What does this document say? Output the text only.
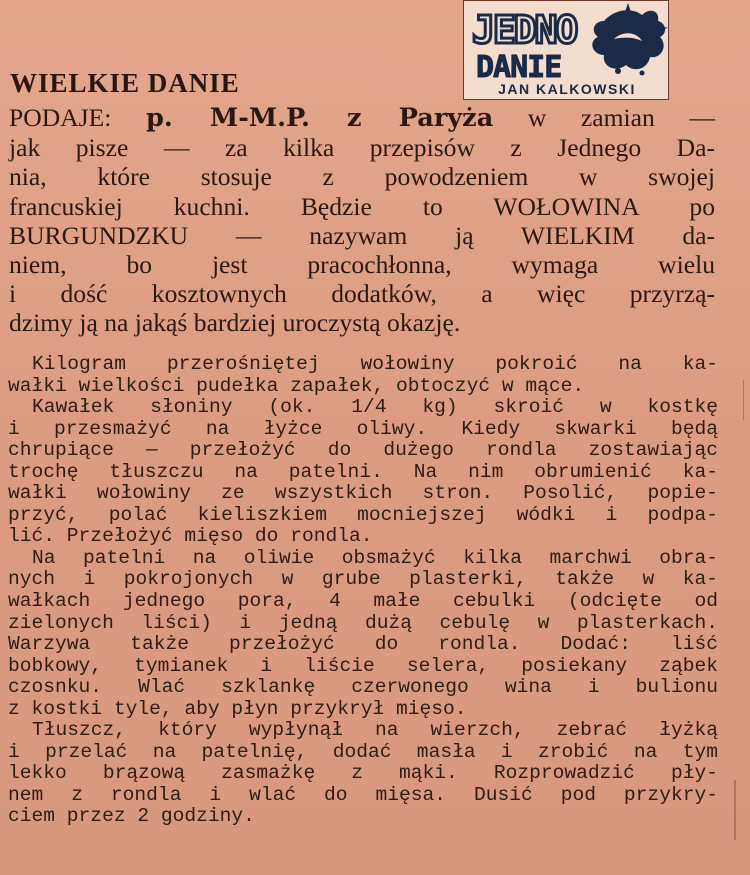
JEDNO
DANIE
JAN KALKOWSKI
WIELKIE DANIE

PODAJE: p. M-M.P. z Paryża w zamian —
jak pisze — za kilka przepisów z Jednego Da-
nia, które stosuje z powodzeniem w swojej
francuskiej kuchni. Będzie to WOŁOWINA po
BURGUNDZKU — nazywam ją WIELKIM da-
niem, bo jest pracochłonna, wymaga wielu
i dość kosztownych dodatków, a więc przyrzą-
dzimy ją na jakąś bardziej uroczystą okazję.

Kilogram przerośniętej wołowiny pokroić na ka-
wałki wielkości pudełka zapałek, obtoczyć w mące.
Kawałek słoniny (ok. 1/4 kg) skroić w kostkę
i przesmażyć na łyżce oliwy. Kiedy skwarki będą
chrupiące — przełożyć do dużego rondla zostawiając
trochę tłuszczu na patelni. Na nim obrumienić ka-
wałki wołowiny ze wszystkich stron. Posolić, popie-
przyć, polać kieliszkiem mocniejszej wódki i podpa-
lić. Przełożyć mięso do rondla.
Na patelni na oliwie obsmażyć kilka marchwi obra-
nych i pokrojonych w grube plasterki, także w ka-
wałkach jednego pora, 4 małe cebulki (odcięte od
zielonych liści) i jedną dużą cebulę w plasterkach.
Warzywa także przełożyć do rondla. Dodać: liść
bobkowy, tymianek i liście selera, posiekany ząbek
czosnku. Wlać szklankę czerwonego wina i bulionu
z kostki tyle, aby płyn przykrył mięso.
Tłuszcz, który wypłynął na wierzch, zebrać łyżką
i przelać na patelnię, dodać masła i zrobić na tym
lekko brązową zasmażkę z mąki. Rozprowadzić pły-
nem z rondla i wlać do mięsa. Dusić pod przykry-
ciem przez 2 godziny.
